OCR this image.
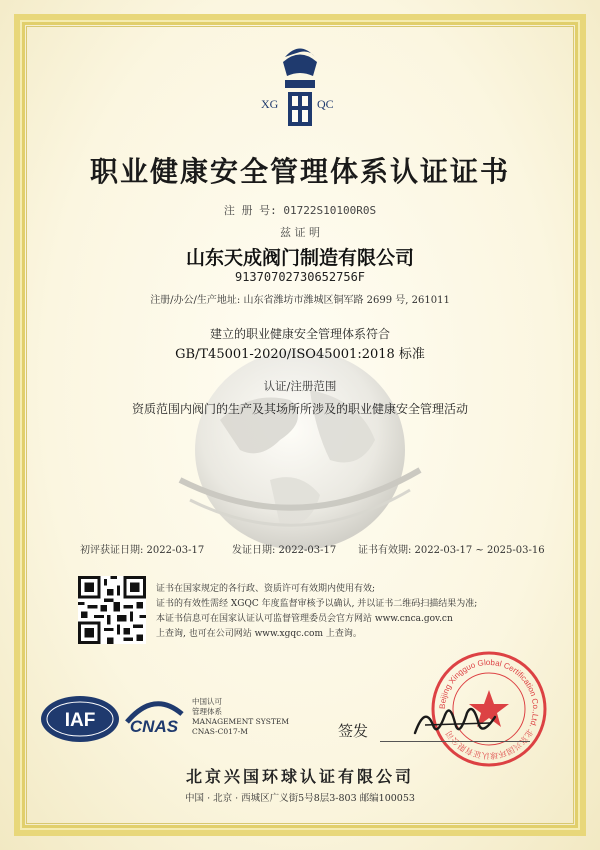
XG	QC
职业健康安全管理体系认证证书
注 册 号: 01722S10100R0S
兹 证 明
山东天成阀门制造有限公司
91370702730652756F
注册/办公/生产地址: 山东省潍坊市潍城区铜军路 2699 号, 261011
建立的职业健康安全管理体系符合
GB/T45001-2020/ISO45001:2018 标准
认证/注册范围
资质范围内阀门的生产及其场所所涉及的职业健康安全管理活动
初评获证日期: 2022-03-17	发证日期: 2022-03-17 证书有效期: 2022-03-17 ~ 2025-03-16
证书在国家规定的各行政、资质许可有效期内使用有效;
证书的有效性需经 XGQC 年度监督审核予以确认, 并以证书二维码扫描结果为准;
本证书信息可在国家认证认可监督管理委员会官方网站 www.cnca.gov.cn
上查询, 也可在公司网站 www.xgqc.com 上查询。
IAF CNAS
中国认可
管理体系
MANAGEMENT SYSTEM
CNAS-C017-M
Beijing Xingguo Global Certification Co.,Ltd. 北京兴国环球认证有限公司
签发
北京兴国环球认证有限公司
中国 · 北京 · 西城区广义街5号8层3-803 邮编100053
